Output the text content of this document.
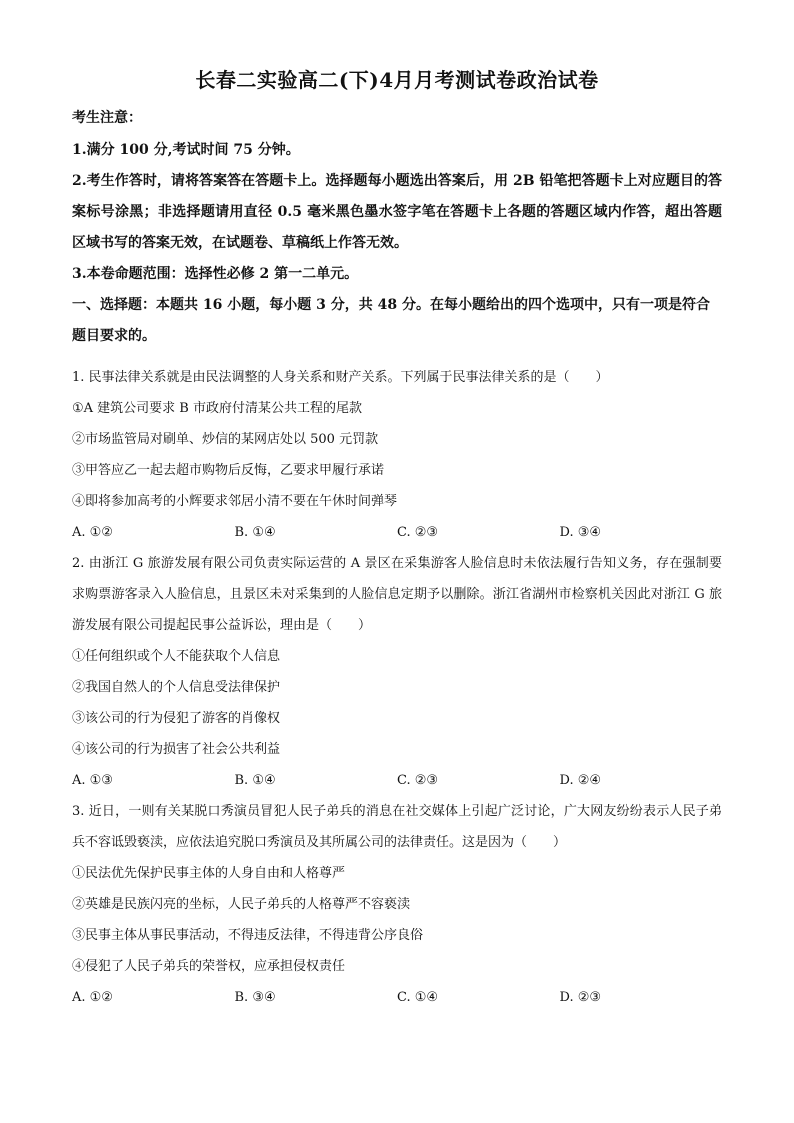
长春二实验高二(下)4月月考测试卷政治试卷
考生注意：
1.满分 100 分,考试时间 75 分钟。
2.考生作答时，请将答案答在答题卡上。选择题每小题选出答案后，用 2B 铅笔把答题卡上对应题目的答案标号涂黑；非选择题请用直径 0.5 毫米黑色墨水签字笔在答题卡上各题的答题区域内作答，超出答题区域书写的答案无效，在试题卷、草稿纸上作答无效。
3.本卷命题范围：选择性必修 2 第一二单元。
一、选择题：本题共 16 小题，每小题 3 分，共 48 分。在每小题给出的四个选项中，只有一项是符合题目要求的。
1. 民事法律关系就是由民法调整的人身关系和财产关系。下列属于民事法律关系的是（　　）
①A 建筑公司要求 B 市政府付清某公共工程的尾款
②市场监管局对刷单、炒信的某网店处以 500 元罚款
③甲答应乙一起去超市购物后反悔，乙要求甲履行承诺
④即将参加高考的小辉要求邻居小清不要在午休时间弹琴
A. ①②	B. ①④	C. ②③	D. ③④
2. 由浙江 G 旅游发展有限公司负责实际运营的 A 景区在采集游客人脸信息时未依法履行告知义务，存在强制要求购票游客录入人脸信息，且景区未对采集到的人脸信息定期予以删除。浙江省湖州市检察机关因此对浙江 G 旅游发展有限公司提起民事公益诉讼，理由是（　　）
①任何组织或个人不能获取个人信息
②我国自然人的个人信息受法律保护
③该公司的行为侵犯了游客的肖像权
④该公司的行为损害了社会公共利益
A. ①③	B. ①④	C. ②③	D. ②④
3. 近日，一则有关某脱口秀演员冒犯人民子弟兵的消息在社交媒体上引起广泛讨论，广大网友纷纷表示人民子弟兵不容诋毁亵渎，应依法追究脱口秀演员及其所属公司的法律责任。这是因为（　　）
①民法优先保护民事主体的人身自由和人格尊严
②英雄是民族闪亮的坐标，人民子弟兵的人格尊严不容亵渎
③民事主体从事民事活动，不得违反法律，不得违背公序良俗
④侵犯了人民子弟兵的荣誉权，应承担侵权责任
A. ①②	B. ③④	C. ①④	D. ②③
